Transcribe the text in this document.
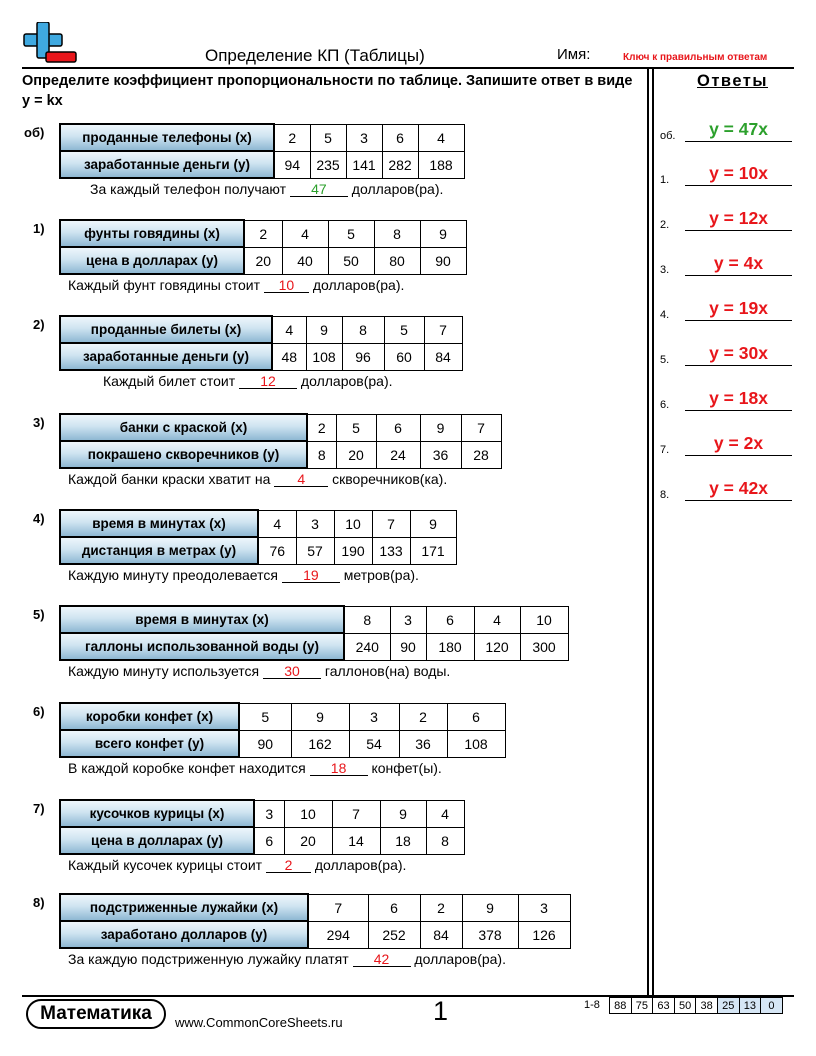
Определение КП (Таблицы)	Имя:	Ключ к правильным ответам
Определите коэффициент пропорциональности по таблице. Запишите ответ в виде y = kx
Ответы
об.	y = 47x
1.	y = 10x
2.	y = 12x
3.	y = 4x
4.	y = 19x
5.	y = 30x
6.	y = 18x
7.	y = 2x
8.	y = 42x
об)	проданные телефоны (x)	2	5	3	6	4
заработанные деньги (y)	94	235	141	282	188
За каждый телефон получают 47 долларов(ра).
1)	фунты говядины (x)	2	4	5	8	9
цена в долларах (y)	20	40	50	80	90
Каждый фунт говядины стоит 10 долларов(ра).
2)	проданные билеты (x)	4	9	8	5	7
заработанные деньги (y)	48	108	96	60	84
Каждый билет стоит 12 долларов(ра).
3)	банки с краской (x)	2	5	6	9	7
покрашено скворечников (y)	8	20	24	36	28
Каждой банки краски хватит на 4 скворечников(ка).
4)	время в минутах (x)	4	3	10	7	9
дистанция в метрах (y)	76	57	190	133	171
Каждую минуту преодолевается 19 метров(ра).
5)	время в минутах (x)	8	3	6	4	10
галлоны использованной воды (y)	240	90	180	120	300
Каждую минуту используется 30 галлонов(на) воды.
6)	коробки конфет (x)	5	9	3	2	6
всего конфет (y)	90	162	54	36	108
В каждой коробке конфет находится 18 конфет(ы).
7)	кусочков курицы (x)	3	10	7	9	4
цена в долларах (y)	6	20	14	18	8
Каждый кусочек курицы стоит 2 долларов(ра).
8)	подстриженные лужайки (x)	7	6	2	9	3
заработано долларов (y)	294	252	84	378	126
За каждую подстриженную лужайку платят 42 долларов(ра).
Математика	www.CommonCoreSheets.ru	1	1-8 88	75	63	50	38	25	13	0
